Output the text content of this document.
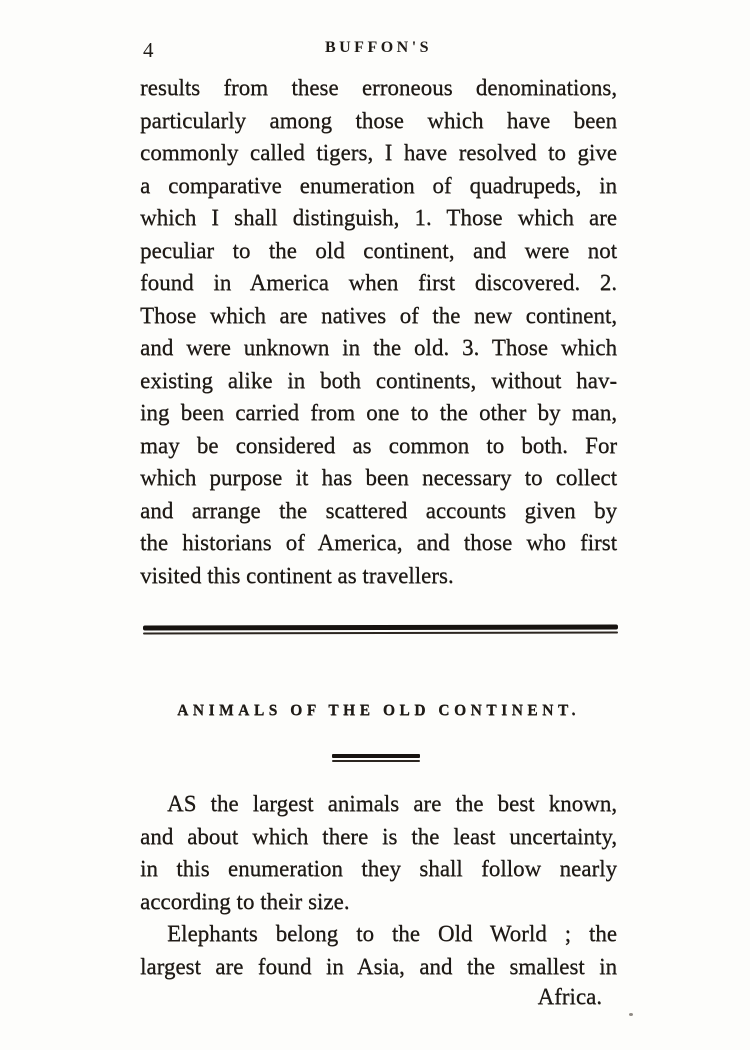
4	BUFFON'S
results from these erroneous denominations,
particularly among those which have been
commonly called tigers, I have resolved to give
a comparative enumeration of quadrupeds, in
which I shall distinguish, 1. Those which are
peculiar to the old continent, and were not
found in America when first discovered. 2.
Those which are natives of the new continent,
and were unknown in the old. 3. Those which
existing alike in both continents, without hav-
ing been carried from one to the other by man,
may be considered as common to both. For
which purpose it has been necessary to collect
and arrange the scattered accounts given by
the historians of America, and those who first
visited this continent as travellers.
ANIMALS OF THE OLD CONTINENT.
AS the largest animals are the best known,
and about which there is the least uncertainty,
in this enumeration they shall follow nearly
according to their size.
Elephants belong to the Old World ; the
largest are found in Asia, and the smallest in
Africa.
